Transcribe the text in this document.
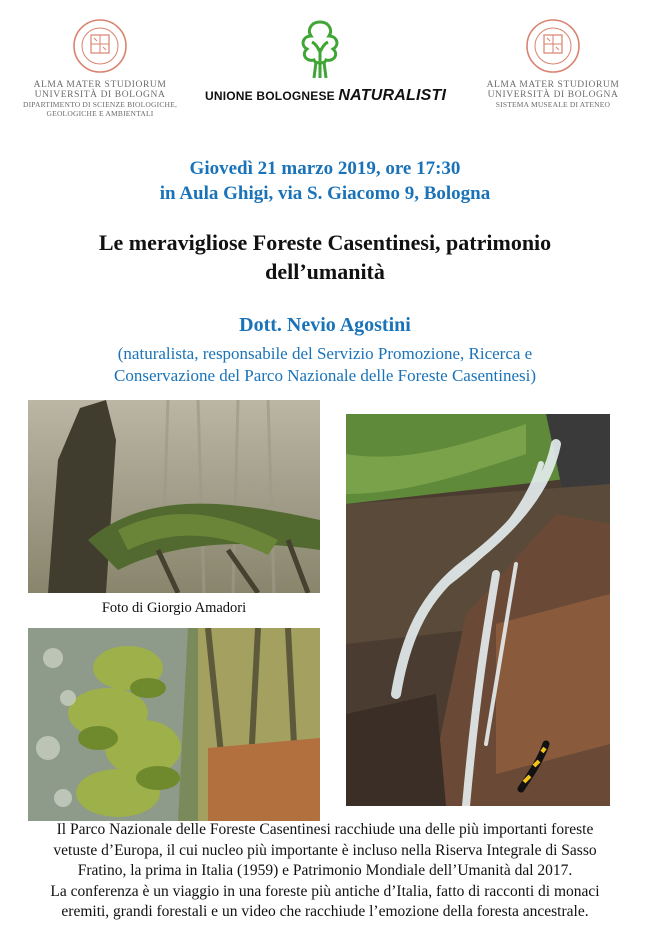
ALMA MATER STUDIORUM
UNIVERSITÀ DI BOLOGNA
DIPARTIMENTO DI SCIENZE BIOLOGICHE,
GEOLOGICHE E AMBIENTALI
UNIONE BOLOGNESE NATURALISTI
ALMA MATER STUDIORUM
UNIVERSITÀ DI BOLOGNA
SISTEMA MUSEALE DI ATENEO
Giovedì 21 marzo 2019, ore 17:30
in Aula Ghigi, via S. Giacomo 9, Bologna
Le meravigliose Foreste Casentinesi, patrimonio
dell’umanità
Dott. Nevio Agostini
(naturalista, responsabile del Servizio Promozione, Ricerca e
Conservazione del Parco Nazionale delle Foreste Casentinesi)
Foto di Giorgio Amadori
Il Parco Nazionale delle Foreste Casentinesi racchiude una delle più importanti foreste
vetuste d’Europa, il cui nucleo più importante è incluso nella Riserva Integrale di Sasso
Fratino, la prima in Italia (1959) e Patrimonio Mondiale dell’Umanità dal 2017.
La conferenza è un viaggio in una foreste più antiche d’Italia, fatto di racconti di monaci
eremiti, grandi forestali e un video che racchiude l’emozione della foresta ancestrale.
